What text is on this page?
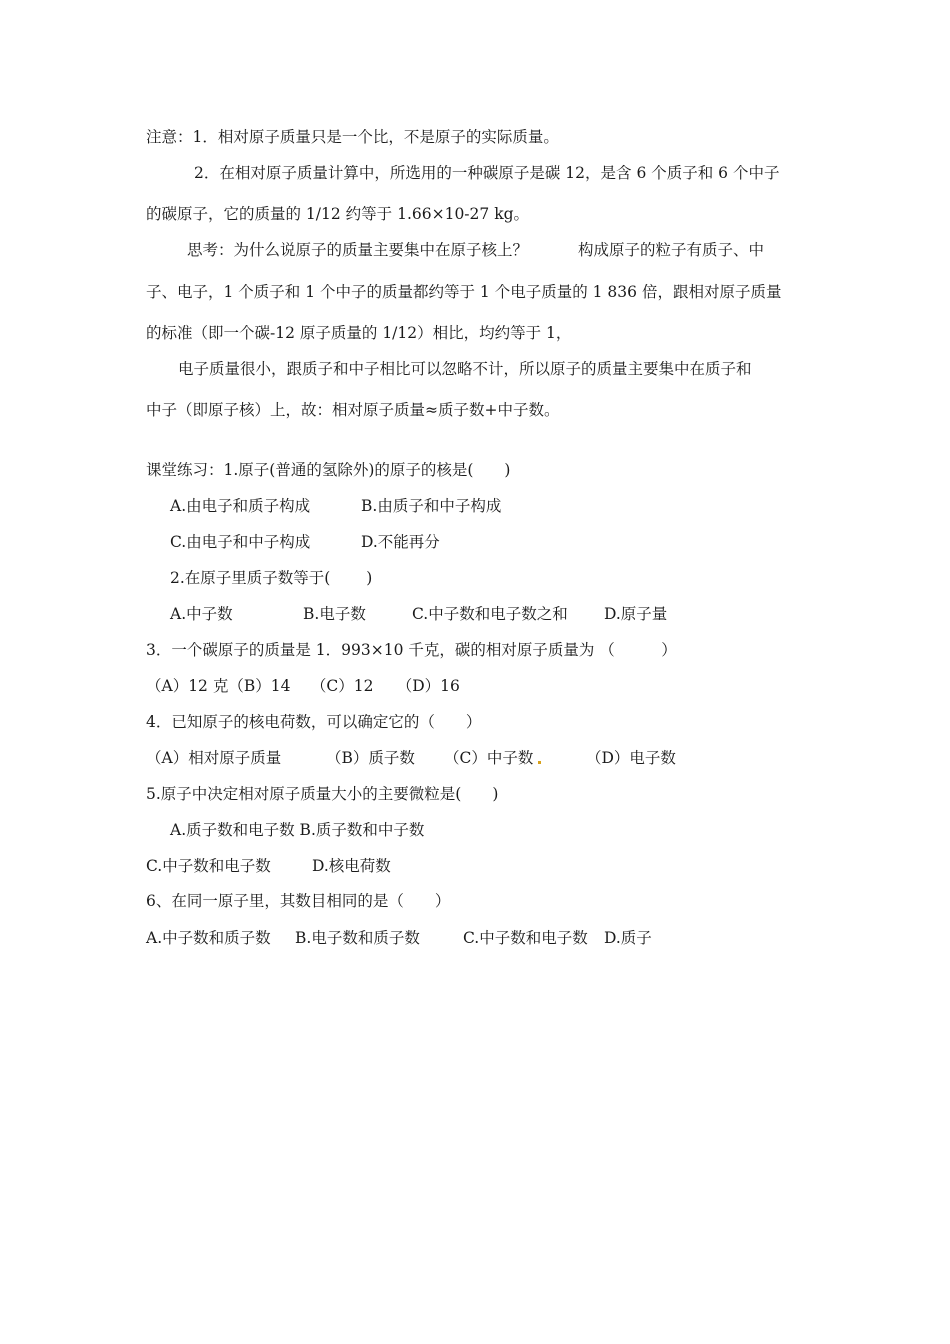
注意：1．相对原子质量只是一个比，不是原子的实际质量。
2．在相对原子质量计算中，所选用的一种碳原子是碳 12，是含 6 个质子和 6 个中子
的碳原子，它的质量的 1/12 约等于 1.66×10-27 kg。
思考：为什么说原子的质量主要集中在原子核上？	构成原子的粒子有质子、中
子、电子，1 个质子和 1 个中子的质量都约等于 1 个电子质量的 1 836 倍，跟相对原子质量
的标准（即一个碳-12 原子质量的 1/12）相比，均约等于 1，
电子质量很小，跟质子和中子相比可以忽略不计，所以原子的质量主要集中在质子和
中子（即原子核）上，故：相对原子质量≈质子数+中子数。
课堂练习：1.原子(普通的氢除外)的原子的核是(　　)
A.由电子和质子构成	B.由质子和中子构成
C.由电子和中子构成	D.不能再分
2.在原子里质子数等于(　　 )
A.中子数	B.电子数	C.中子数和电子数之和 D.原子量
3．一个碳原子的质量是 1．993×10 千克，碳的相对原子质量为 （　　　）
（A）12 克（B）14　 （C）12　　（D）16
4．已知原子的核电荷数，可以确定它的（　　）
（A）相对原子质量	（B）质子数 （C）中子数	（D）电子数
5.原子中决定相对原子质量大小的主要微粒是(　　)
A.质子数和电子数 B.质子数和中子数
C.中子数和电子数	D.核电荷数
6、在同一原子里，其数目相同的是（　　）
A.中子数和质子数 B.电子数和质子数	C.中子数和电子数 D.质子
